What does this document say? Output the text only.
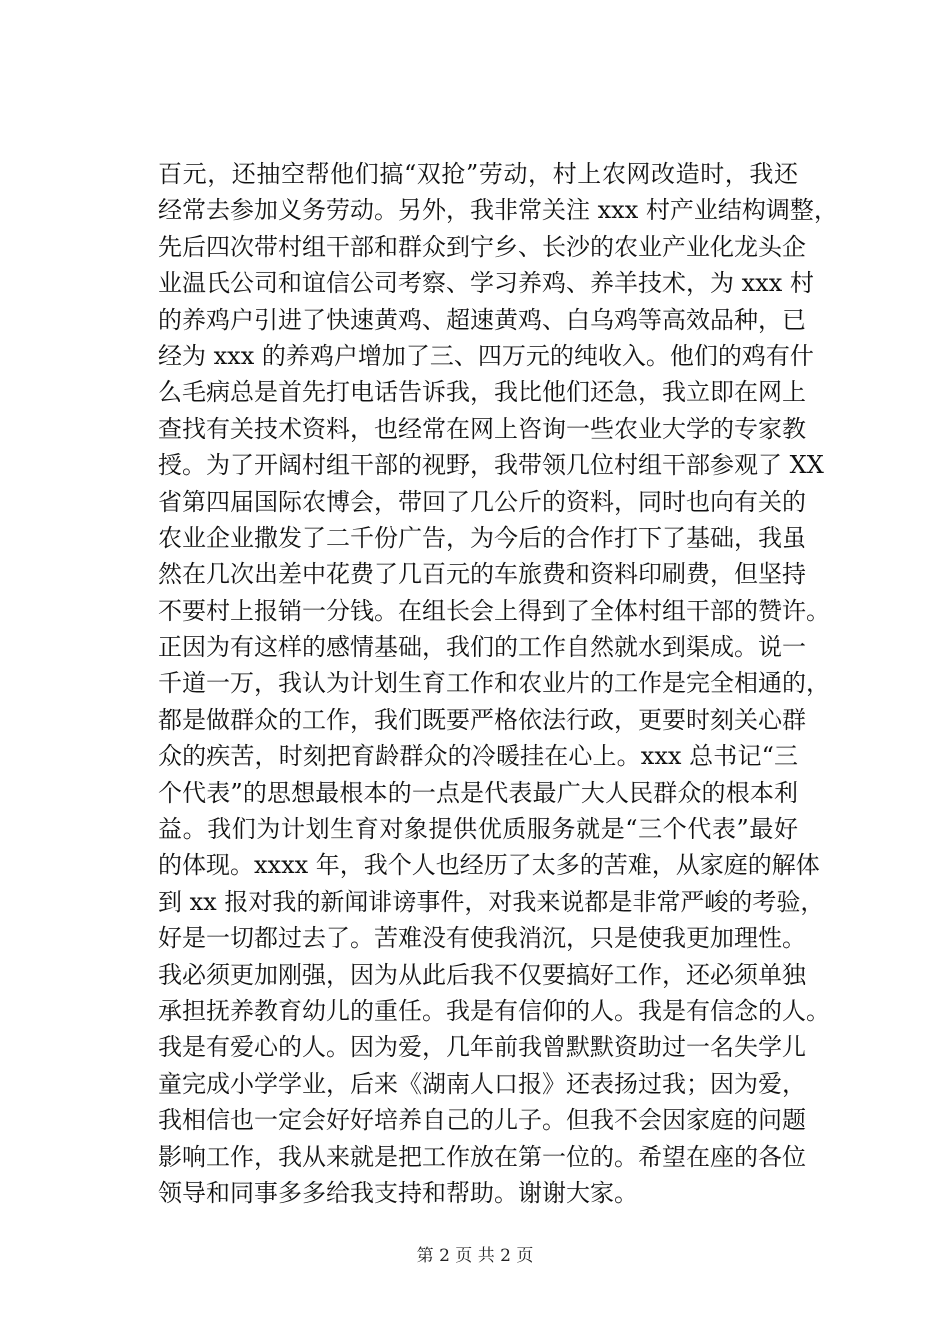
百元，还抽空帮他们搞“双抢”劳动，村上农网改造时，我还
经常去参加义务劳动。另外，我非常关注 xxx 村产业结构调整，
先后四次带村组干部和群众到宁乡、长沙的农业产业化龙头企
业温氏公司和谊信公司考察、学习养鸡、养羊技术，为 xxx 村
的养鸡户引进了快速黄鸡、超速黄鸡、白乌鸡等高效品种，已
经为 xxx 的养鸡户增加了三、四万元的纯收入。他们的鸡有什
么毛病总是首先打电话告诉我，我比他们还急，我立即在网上
查找有关技术资料，也经常在网上咨询一些农业大学的专家教
授。为了开阔村组干部的视野，我带领几位村组干部参观了 XX
省第四届国际农博会，带回了几公斤的资料，同时也向有关的
农业企业撒发了二千份广告，为今后的合作打下了基础，我虽
然在几次出差中花费了几百元的车旅费和资料印刷费，但坚持
不要村上报销一分钱。在组长会上得到了全体村组干部的赞许。
正因为有这样的感情基础，我们的工作自然就水到渠成。说一
千道一万，我认为计划生育工作和农业片的工作是完全相通的，
都是做群众的工作，我们既要严格依法行政，更要时刻关心群
众的疾苦，时刻把育龄群众的冷暖挂在心上。xxx 总书记“三
个代表”的思想最根本的一点是代表最广大人民群众的根本利
益。我们为计划生育对象提供优质服务就是“三个代表”最好
的体现。xxxx 年，我个人也经历了太多的苦难，从家庭的解体
到 xx 报对我的新闻诽谤事件，对我来说都是非常严峻的考验，
好是一切都过去了。苦难没有使我消沉，只是使我更加理性。
我必须更加刚强，因为从此后我不仅要搞好工作，还必须单独
承担抚养教育幼儿的重任。我是有信仰的人。我是有信念的人。
我是有爱心的人。因为爱，几年前我曾默默资助过一名失学儿
童完成小学学业，后来《湖南人口报》还表扬过我；因为爱，
我相信也一定会好好培养自己的儿子。但我不会因家庭的问题
影响工作，我从来就是把工作放在第一位的。希望在座的各位
领导和同事多多给我支持和帮助。谢谢大家。
第 2 页 共 2 页
